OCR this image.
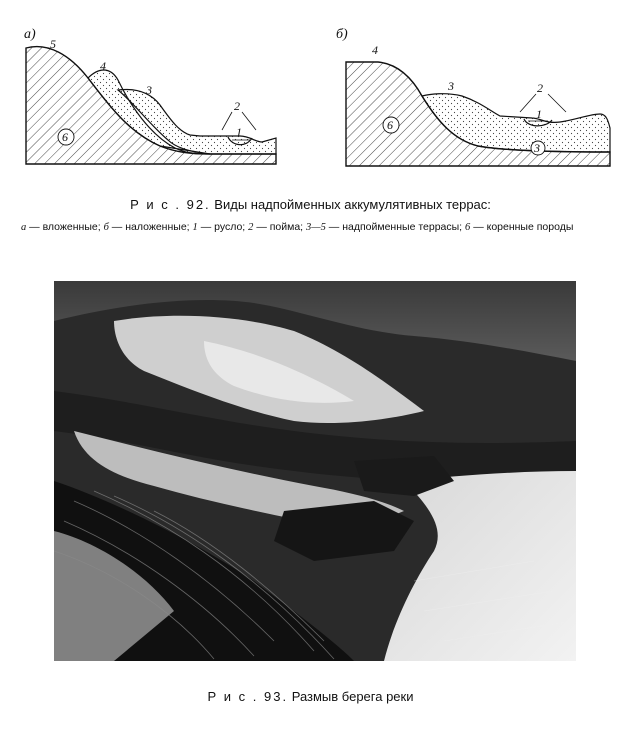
а)
5
4
3
2
1
6
б)
4
3	2
1
6
3
Р и с . 92. Виды надпойменных аккумулятивных террас:
а — вложенные; б — наложенные; 1 — русло; 2 — пойма; 3—5 — надпойменные террасы; 6 — коренные породы
Р и с . 93. Размыв берега реки
